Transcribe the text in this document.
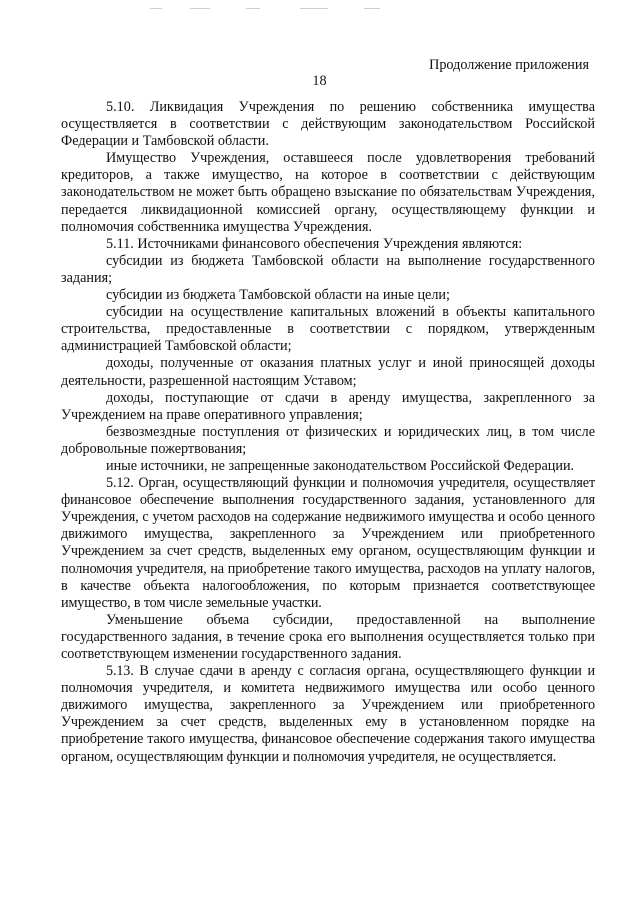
Продолжение приложения
18

5.10. Ликвидация Учреждения по решению собственника имущества осуществляется в соответствии с действующим законодательством Российской Федерации и Тамбовской области.

Имущество Учреждения, оставшееся после удовлетворения требований кредиторов, а также имущество, на которое в соответствии с действующим законодательством не может быть обращено взыскание по обязательствам Учреждения, передается ликвидационной комиссией органу, осуществляющему функции и полномочия собственника имущества Учреждения.

5.11. Источниками финансового обеспечения Учреждения являются:

субсидии из бюджета Тамбовской области на выполнение государственного задания;

субсидии из бюджета Тамбовской области на иные цели;

субсидии на осуществление капитальных вложений в объекты капитального строительства, предоставленные в соответствии с порядком, утвержденным администрацией Тамбовской области;

доходы, полученные от оказания платных услуг и иной приносящей доходы деятельности, разрешенной настоящим Уставом;

доходы, поступающие от сдачи в аренду имущества, закрепленного за Учреждением на праве оперативного управления;

безвозмездные поступления от физических и юридических лиц, в том числе добровольные пожертвования;

иные источники, не запрещенные законодательством Российской Федерации.

5.12. Орган, осуществляющий функции и полномочия учредителя, осуществляет финансовое обеспечение выполнения государственного задания, установленного для Учреждения, с учетом расходов на содержание недвижимого имущества и особо ценного движимого имущества, закрепленного за Учреждением или приобретенного Учреждением за счет средств, выделенных ему органом, осуществляющим функции и полномочия учредителя, на приобретение такого имущества, расходов на уплату налогов, в качестве объекта налогообложения, по которым признается соответствующее имущество, в том числе земельные участки.

Уменьшение объема субсидии, предоставленной на выполнение государственного задания, в течение срока его выполнения осуществляется только при соответствующем изменении государственного задания.

5.13. В случае сдачи в аренду с согласия органа, осуществляющего функции и полномочия учредителя, и комитета недвижимого имущества или особо ценного движимого имущества, закрепленного за Учреждением или приобретенного Учреждением за счет средств, выделенных ему в установленном порядке на приобретение такого имущества, финансовое обеспечение содержания такого имущества органом, осуществляющим функции и полномочия учредителя, не осуществляется.
